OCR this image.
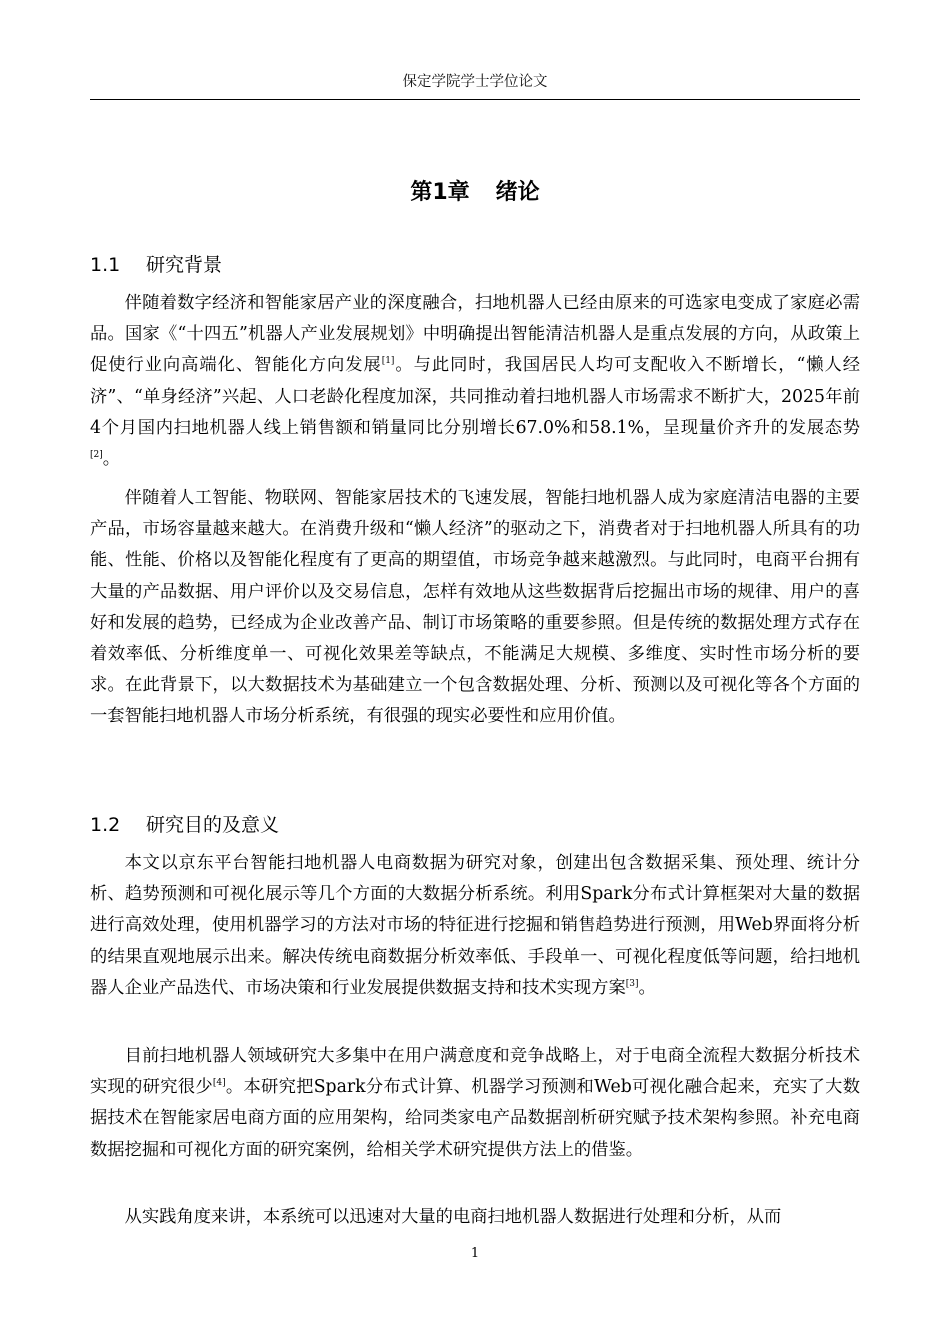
保定学院学士学位论文
第1章 绪论
1.1 研究背景

伴随着数字经济和智能家居产业的深度融合，扫地机器人已经由原来的可选家电变成了家庭必需品。国家《“十四五”机器人产业发展规划》中明确提出智能清洁机器人是重点发展的方向，从政策上促使行业向高端化、智能化方向发展[1]。与此同时，我国居民人均可支配收入不断增长，“懒人经济”、“单身经济”兴起、人口老龄化程度加深，共同推动着扫地机器人市场需求不断扩大，2025年前4个月国内扫地机器人线上销售额和销量同比分别增长67.0%和58.1%，呈现量价齐升的发展态势[2]。

伴随着人工智能、物联网、智能家居技术的飞速发展，智能扫地机器人成为家庭清洁电器的主要产品，市场容量越来越大。在消费升级和“懒人经济”的驱动之下，消费者对于扫地机器人所具有的功能、性能、价格以及智能化程度有了更高的期望值，市场竞争越来越激烈。与此同时，电商平台拥有大量的产品数据、用户评价以及交易信息，怎样有效地从这些数据背后挖掘出市场的规律、用户的喜好和发展的趋势，已经成为企业改善产品、制订市场策略的重要参照。但是传统的数据处理方式存在着效率低、分析维度单一、可视化效果差等缺点，不能满足大规模、多维度、实时性市场分析的要求。在此背景下，以大数据技术为基础建立一个包含数据处理、分析、预测以及可视化等各个方面的一套智能扫地机器人市场分析系统，有很强的现实必要性和应用价值。

1.2 研究目的及意义

本文以京东平台智能扫地机器人电商数据为研究对象，创建出包含数据采集、预处理、统计分析、趋势预测和可视化展示等几个方面的大数据分析系统。利用Spark分布式计算框架对大量的数据进行高效处理，使用机器学习的方法对市场的特征进行挖掘和销售趋势进行预测，用Web界面将分析的结果直观地展示出来。解决传统电商数据分析效率低、手段单一、可视化程度低等问题，给扫地机器人企业产品迭代、市场决策和行业发展提供数据支持和技术实现方案[3]。

目前扫地机器人领域研究大多集中在用户满意度和竞争战略上，对于电商全流程大数据分析技术实现的研究很少[4]。本研究把Spark分布式计算、机器学习预测和Web可视化融合起来，充实了大数据技术在智能家居电商方面的应用架构，给同类家电产品数据剖析研究赋予技术架构参照。补充电商数据挖掘和可视化方面的研究案例，给相关学术研究提供方法上的借鉴。

从实践角度来讲，本系统可以迅速对大量的电商扫地机器人数据进行处理和分析，从而

1
